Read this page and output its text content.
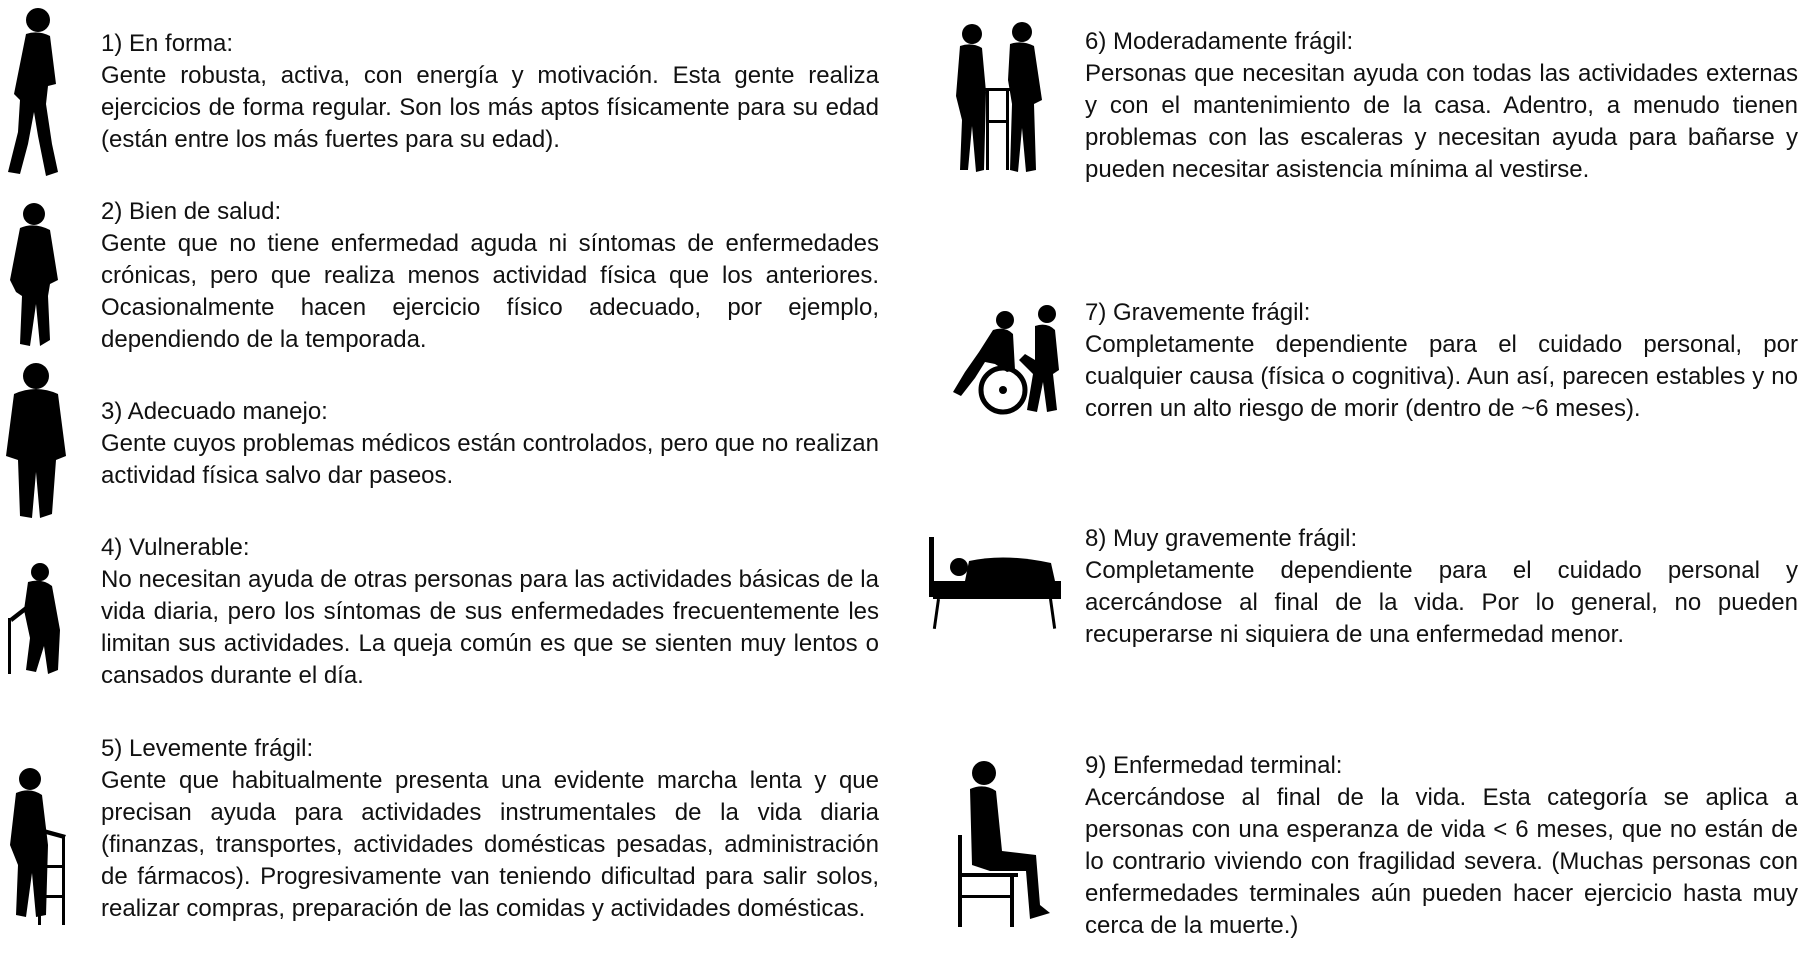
1) En forma:
Gente robusta, activa, con energía y motivación. Esta gente realiza ejercicios de forma regular. Son los más aptos físicamente para su edad (están entre los más fuertes para su edad).
2) Bien de salud:
Gente que no tiene enfermedad aguda ni síntomas de enfermedades crónicas, pero que realiza menos actividad física que los anteriores. Ocasionalmente hacen ejercicio físico adecuado, por ejemplo, dependiendo de la temporada.
3) Adecuado manejo:
Gente cuyos problemas médicos están controlados, pero que no realizan actividad física salvo dar paseos.
4) Vulnerable:
No necesitan ayuda de otras personas para las actividades básicas de la vida diaria, pero los síntomas de sus enfermedades frecuentemente les limitan sus actividades. La queja común es que se sienten muy lentos o cansados durante el día.
5) Levemente frágil:
Gente que habitualmente presenta una evidente marcha lenta y que precisan ayuda para actividades instrumentales de la vida diaria (finanzas, transportes, actividades domésticas pesadas, administración de fármacos). Progresivamente van teniendo dificultad para salir solos, realizar compras, preparación de las comidas y actividades domésticas.
6) Moderadamente frágil:
Personas que necesitan ayuda con todas las actividades externas y con el mantenimiento de la casa. Adentro, a menudo tienen problemas con las escaleras y necesitan ayuda para bañarse y pueden necesitar asistencia mínima al vestirse.
7) Gravemente frágil:
Completamente dependiente para el cuidado personal, por cualquier causa (física o cognitiva). Aun así, parecen estables y no corren un alto riesgo de morir (dentro de ~6 meses).
8) Muy gravemente frágil:
Completamente dependiente para el cuidado personal y acercándose al final de la vida. Por lo general, no pueden recuperarse ni siquiera de una enfermedad menor.
9) Enfermedad terminal:
Acercándose al final de la vida. Esta categoría se aplica a personas con una esperanza de vida < 6 meses, que no están de lo contrario viviendo con fragilidad severa. (Muchas personas con enfermedades terminales aún pueden hacer ejercicio hasta muy cerca de la muerte.)
